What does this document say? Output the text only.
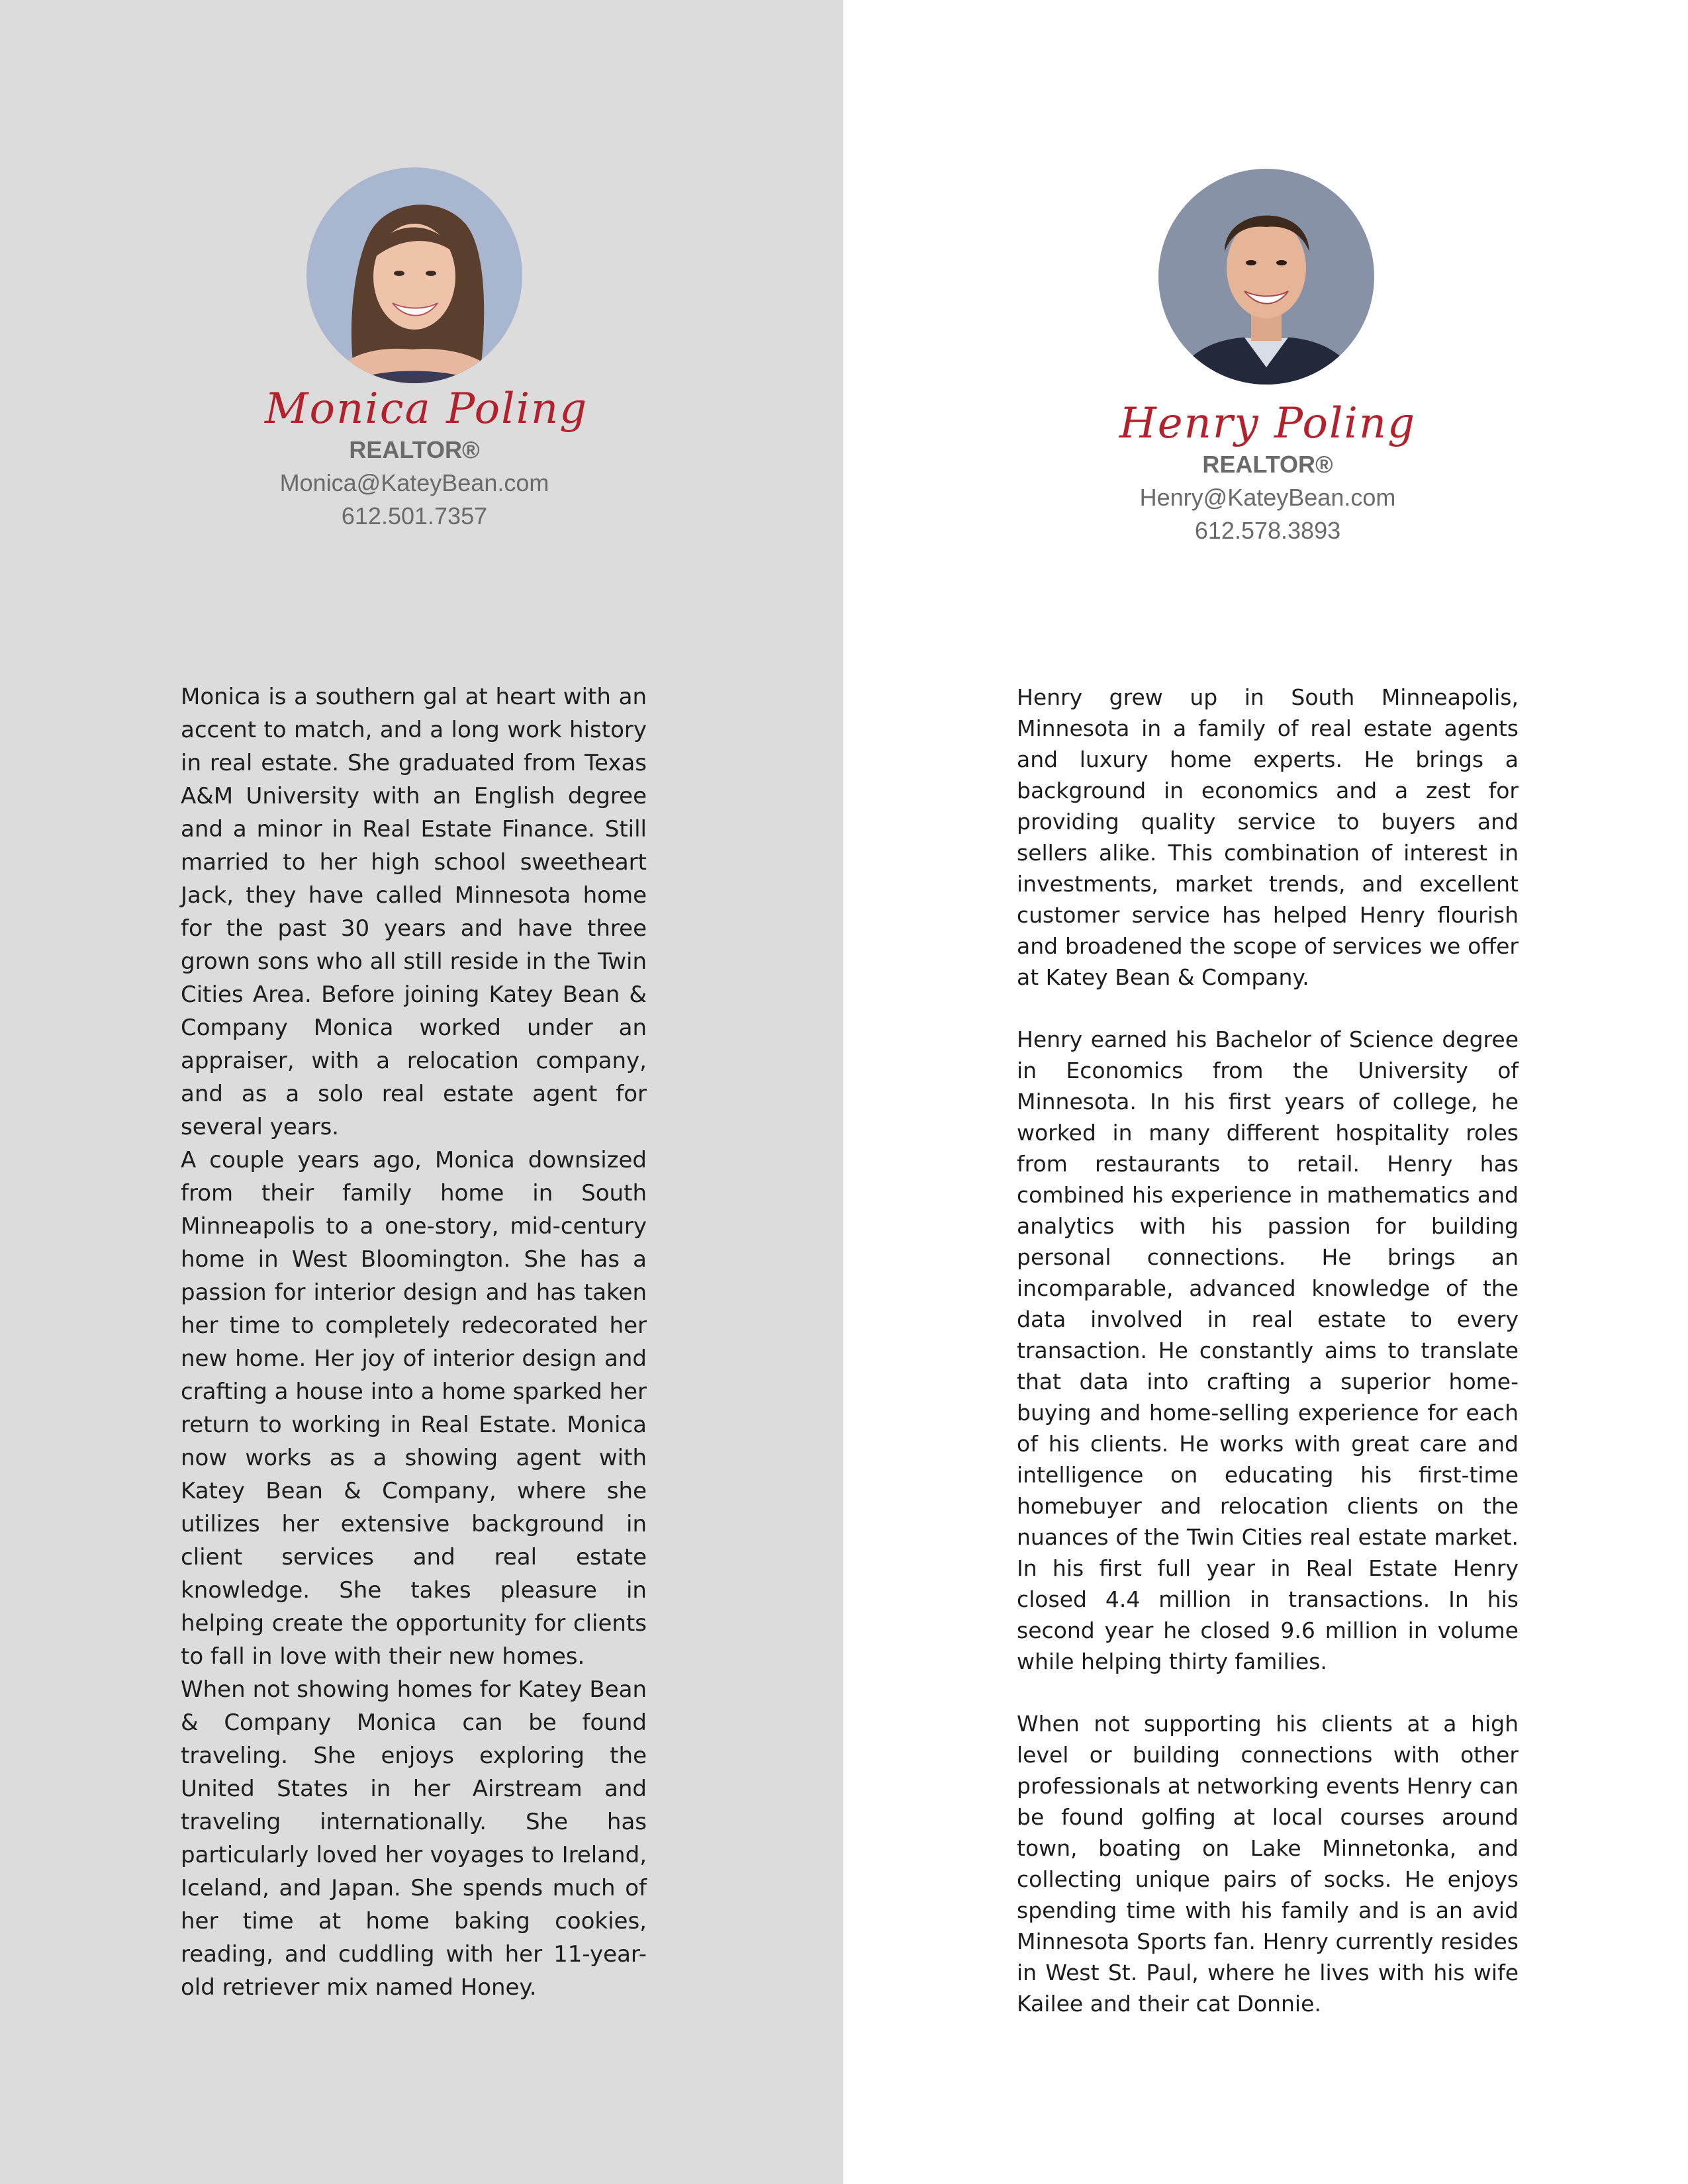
Monica Poling
REALTOR®
Monica@KateyBean.com
612.501.7357
Henry Poling
REALTOR®
Henry@KateyBean.com
612.578.3893

Monica is a southern gal at heart with an accent to match, and a long work history in real estate. She graduated from Texas A&M University with an English degree and a minor in Real Estate Finance. Still married to her high school sweetheart Jack, they have called Minnesota home for the past 30 years and have three grown sons who all still reside in the Twin Cities Area. Before joining Katey Bean & Company Monica worked under an appraiser, with a relocation company, and as a solo real estate agent for several years.

A couple years ago, Monica downsized from their family home in South Minneapolis to a one-story, mid-century home in West Bloomington. She has a passion for interior design and has taken her time to completely redecorated her new home. Her joy of interior design and crafting a house into a home sparked her return to working in Real Estate. Monica now works as a showing agent with Katey Bean & Company, where she utilizes her extensive background in client services and real estate knowledge. She takes pleasure in helping create the opportunity for clients to fall in love with their new homes.

When not showing homes for Katey Bean & Company Monica can be found traveling. She enjoys exploring the United States in her Airstream and traveling internationally. She has particularly loved her voyages to Ireland, Iceland, and Japan. She spends much of her time at home baking cookies, reading, and cuddling with her 11-year-old retriever mix named Honey.

Henry grew up in South Minneapolis, Minnesota in a family of real estate agents and luxury home experts. He brings a background in economics and a zest for providing quality service to buyers and sellers alike. This combination of interest in investments, market trends, and excellent customer service has helped Henry flourish and broadened the scope of services we offer at Katey Bean & Company.

Henry earned his Bachelor of Science degree in Economics from the University of Minnesota. In his first years of college, he worked in many different hospitality roles from restaurants to retail. Henry has combined his experience in mathematics and analytics with his passion for building personal connections. He brings an incomparable, advanced knowledge of the data involved in real estate to every transaction. He constantly aims to translate that data into crafting a superior home-buying and home-selling experience for each of his clients. He works with great care and intelligence on educating his first-time homebuyer and relocation clients on the nuances of the Twin Cities real estate market. In his first full year in Real Estate Henry closed 4.4 million in transactions. In his second year he closed 9.6 million in volume while helping thirty families.

When not supporting his clients at a high level or building connections with other professionals at networking events Henry can be found golfing at local courses around town, boating on Lake Minnetonka, and collecting unique pairs of socks. He enjoys spending time with his family and is an avid Minnesota Sports fan. Henry currently resides in West St. Paul, where he lives with his wife Kailee and their cat Donnie.
